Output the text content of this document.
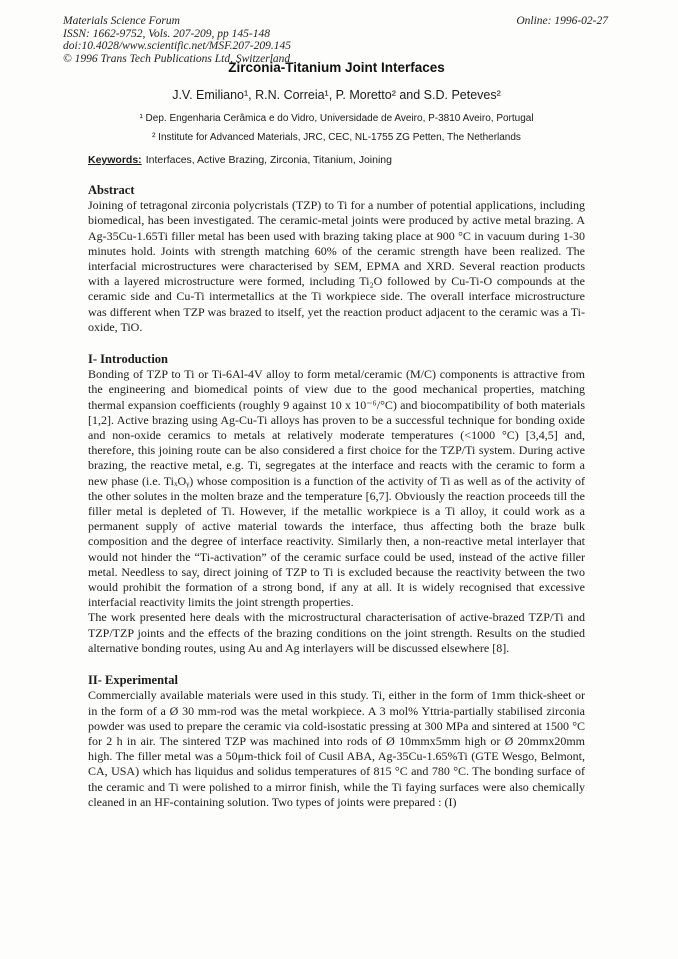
Materials Science Forum
ISSN: 1662-9752, Vols. 207-209, pp 145-148
doi:10.4028/www.scientific.net/MSF.207-209.145
© 1996 Trans Tech Publications Ltd, Switzerland
Online: 1996-02-27
Zirconia-Titanium Joint Interfaces
J.V. Emiliano¹, R.N. Correia¹, P. Moretto² and S.D. Peteves²
¹ Dep. Engenharia Cerâmica e do Vidro, Universidade de Aveiro, P-3810 Aveiro, Portugal
² Institute for Advanced Materials, JRC, CEC, NL-1755 ZG Petten, The Netherlands
Keywords: Interfaces, Active Brazing, Zirconia, Titanium, Joining
Abstract

Joining of tetragonal zirconia polycristals (TZP) to Ti for a number of potential applications, including biomedical, has been investigated. The ceramic-metal joints were produced by active metal brazing. A Ag-35Cu-1.65Ti filler metal has been used with brazing taking place at 900 °C in vacuum during 1-30 minutes hold. Joints with strength matching 60% of the ceramic strength have been realized. The interfacial microstructures were characterised by SEM, EPMA and XRD. Several reaction products with a layered microstructure were formed, including Ti₂O followed by Cu-Ti-O compounds at the ceramic side and Cu-Ti intermetallics at the Ti workpiece side. The overall interface microstructure was different when TZP was brazed to itself, yet the reaction product adjacent to the ceramic was a Ti-oxide, TiO.

I- Introduction

Bonding of TZP to Ti or Ti-6Al-4V alloy to form metal/ceramic (M/C) components is attractive from the engineering and biomedical points of view due to the good mechanical properties, matching thermal expansion coefficients (roughly 9 against 10 x 10⁻⁶/°C) and biocompatibility of both materials [1,2]. Active brazing using Ag-Cu-Ti alloys has proven to be a successful technique for bonding oxide and non-oxide ceramics to metals at relatively moderate temperatures (<1000 °C) [3,4,5] and, therefore, this joining route can be also considered a first choice for the TZP/Ti system. During active brazing, the reactive metal, e.g. Ti, segregates at the interface and reacts with the ceramic to form a new phase (i.e. TiₓOᵧ) whose composition is a function of the activity of Ti as well as of the activity of the other solutes in the molten braze and the temperature [6,7]. Obviously the reaction proceeds till the filler metal is depleted of Ti. However, if the metallic workpiece is a Ti alloy, it could work as a permanent supply of active material towards the interface, thus affecting both the braze bulk composition and the degree of interface reactivity. Similarly then, a non-reactive metal interlayer that would not hinder the “Ti-activation” of the ceramic surface could be used, instead of the active filler metal. Needless to say, direct joining of TZP to Ti is excluded because the reactivity between the two would prohibit the formation of a strong bond, if any at all. It is widely recognised that excessive interfacial reactivity limits the joint strength properties.

The work presented here deals with the microstructural characterisation of active-brazed TZP/Ti and TZP/TZP joints and the effects of the brazing conditions on the joint strength. Results on the studied alternative bonding routes, using Au and Ag interlayers will be discussed elsewhere [8].

II- Experimental

Commercially available materials were used in this study. Ti, either in the form of 1mm thick-sheet or in the form of a Ø 30 mm-rod was the metal workpiece. A 3 mol% Yttria-partially stabilised zirconia powder was used to prepare the ceramic via cold-isostatic pressing at 300 MPa and sintered at 1500 °C for 2 h in air. The sintered TZP was machined into rods of Ø 10mmx5mm high or Ø 20mmx20mm high. The filler metal was a 50μm-thick foil of Cusil ABA, Ag-35Cu-1.65%Ti (GTE Wesgo, Belmont, CA, USA) which has liquidus and solidus temperatures of 815 °C and 780 °C. The bonding surface of the ceramic and Ti were polished to a mirror finish, while the Ti faying surfaces were also chemically cleaned in an HF-containing solution. Two types of joints were prepared : (I)
